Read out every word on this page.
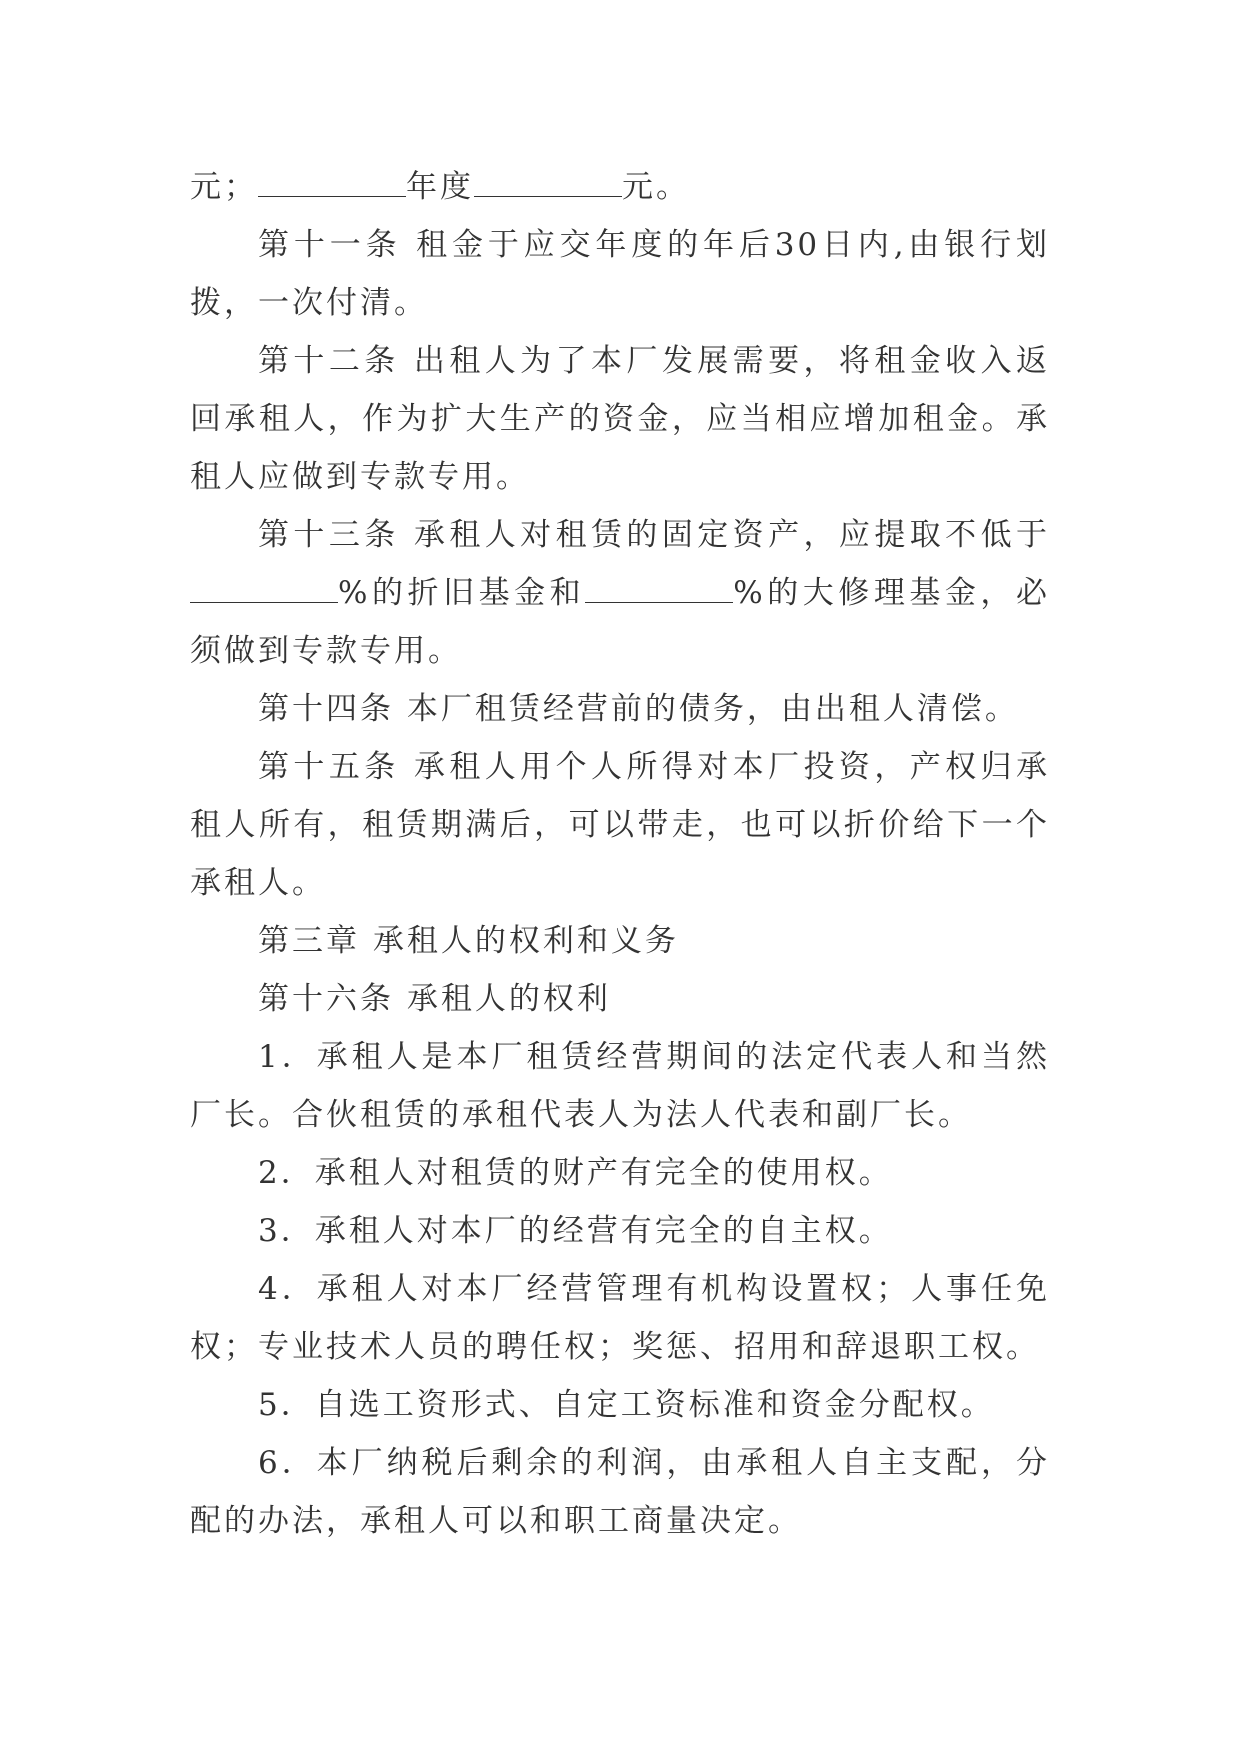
元；	年度	元。

第十一条 租金于应交年度的年后30日内,由银行划拨，一次付清。

第十二条 出租人为了本厂发展需要，将租金收入返回承租人，作为扩大生产的资金，应当相应增加租金。承租人应做到专款专用。

第十三条 承租人对租赁的固定资产，应提取不低于%的折旧基金和	%的大修理基金，必须做到专款专用。

第十四条 本厂租赁经营前的债务，由出租人清偿。

第十五条 承租人用个人所得对本厂投资，产权归承租人所有，租赁期满后，可以带走，也可以折价给下一个承租人。

第三章 承租人的权利和义务

第十六条 承租人的权利

1．承租人是本厂租赁经营期间的法定代表人和当然厂长。合伙租赁的承租代表人为法人代表和副厂长。

2．承租人对租赁的财产有完全的使用权。

3．承租人对本厂的经营有完全的自主权。

4．承租人对本厂经营管理有机构设置权；人事任免权；专业技术人员的聘任权；奖惩、招用和辞退职工权。

5．自选工资形式、自定工资标准和资金分配权。

6．本厂纳税后剩余的利润，由承租人自主支配，分配的办法，承租人可以和职工商量决定。
